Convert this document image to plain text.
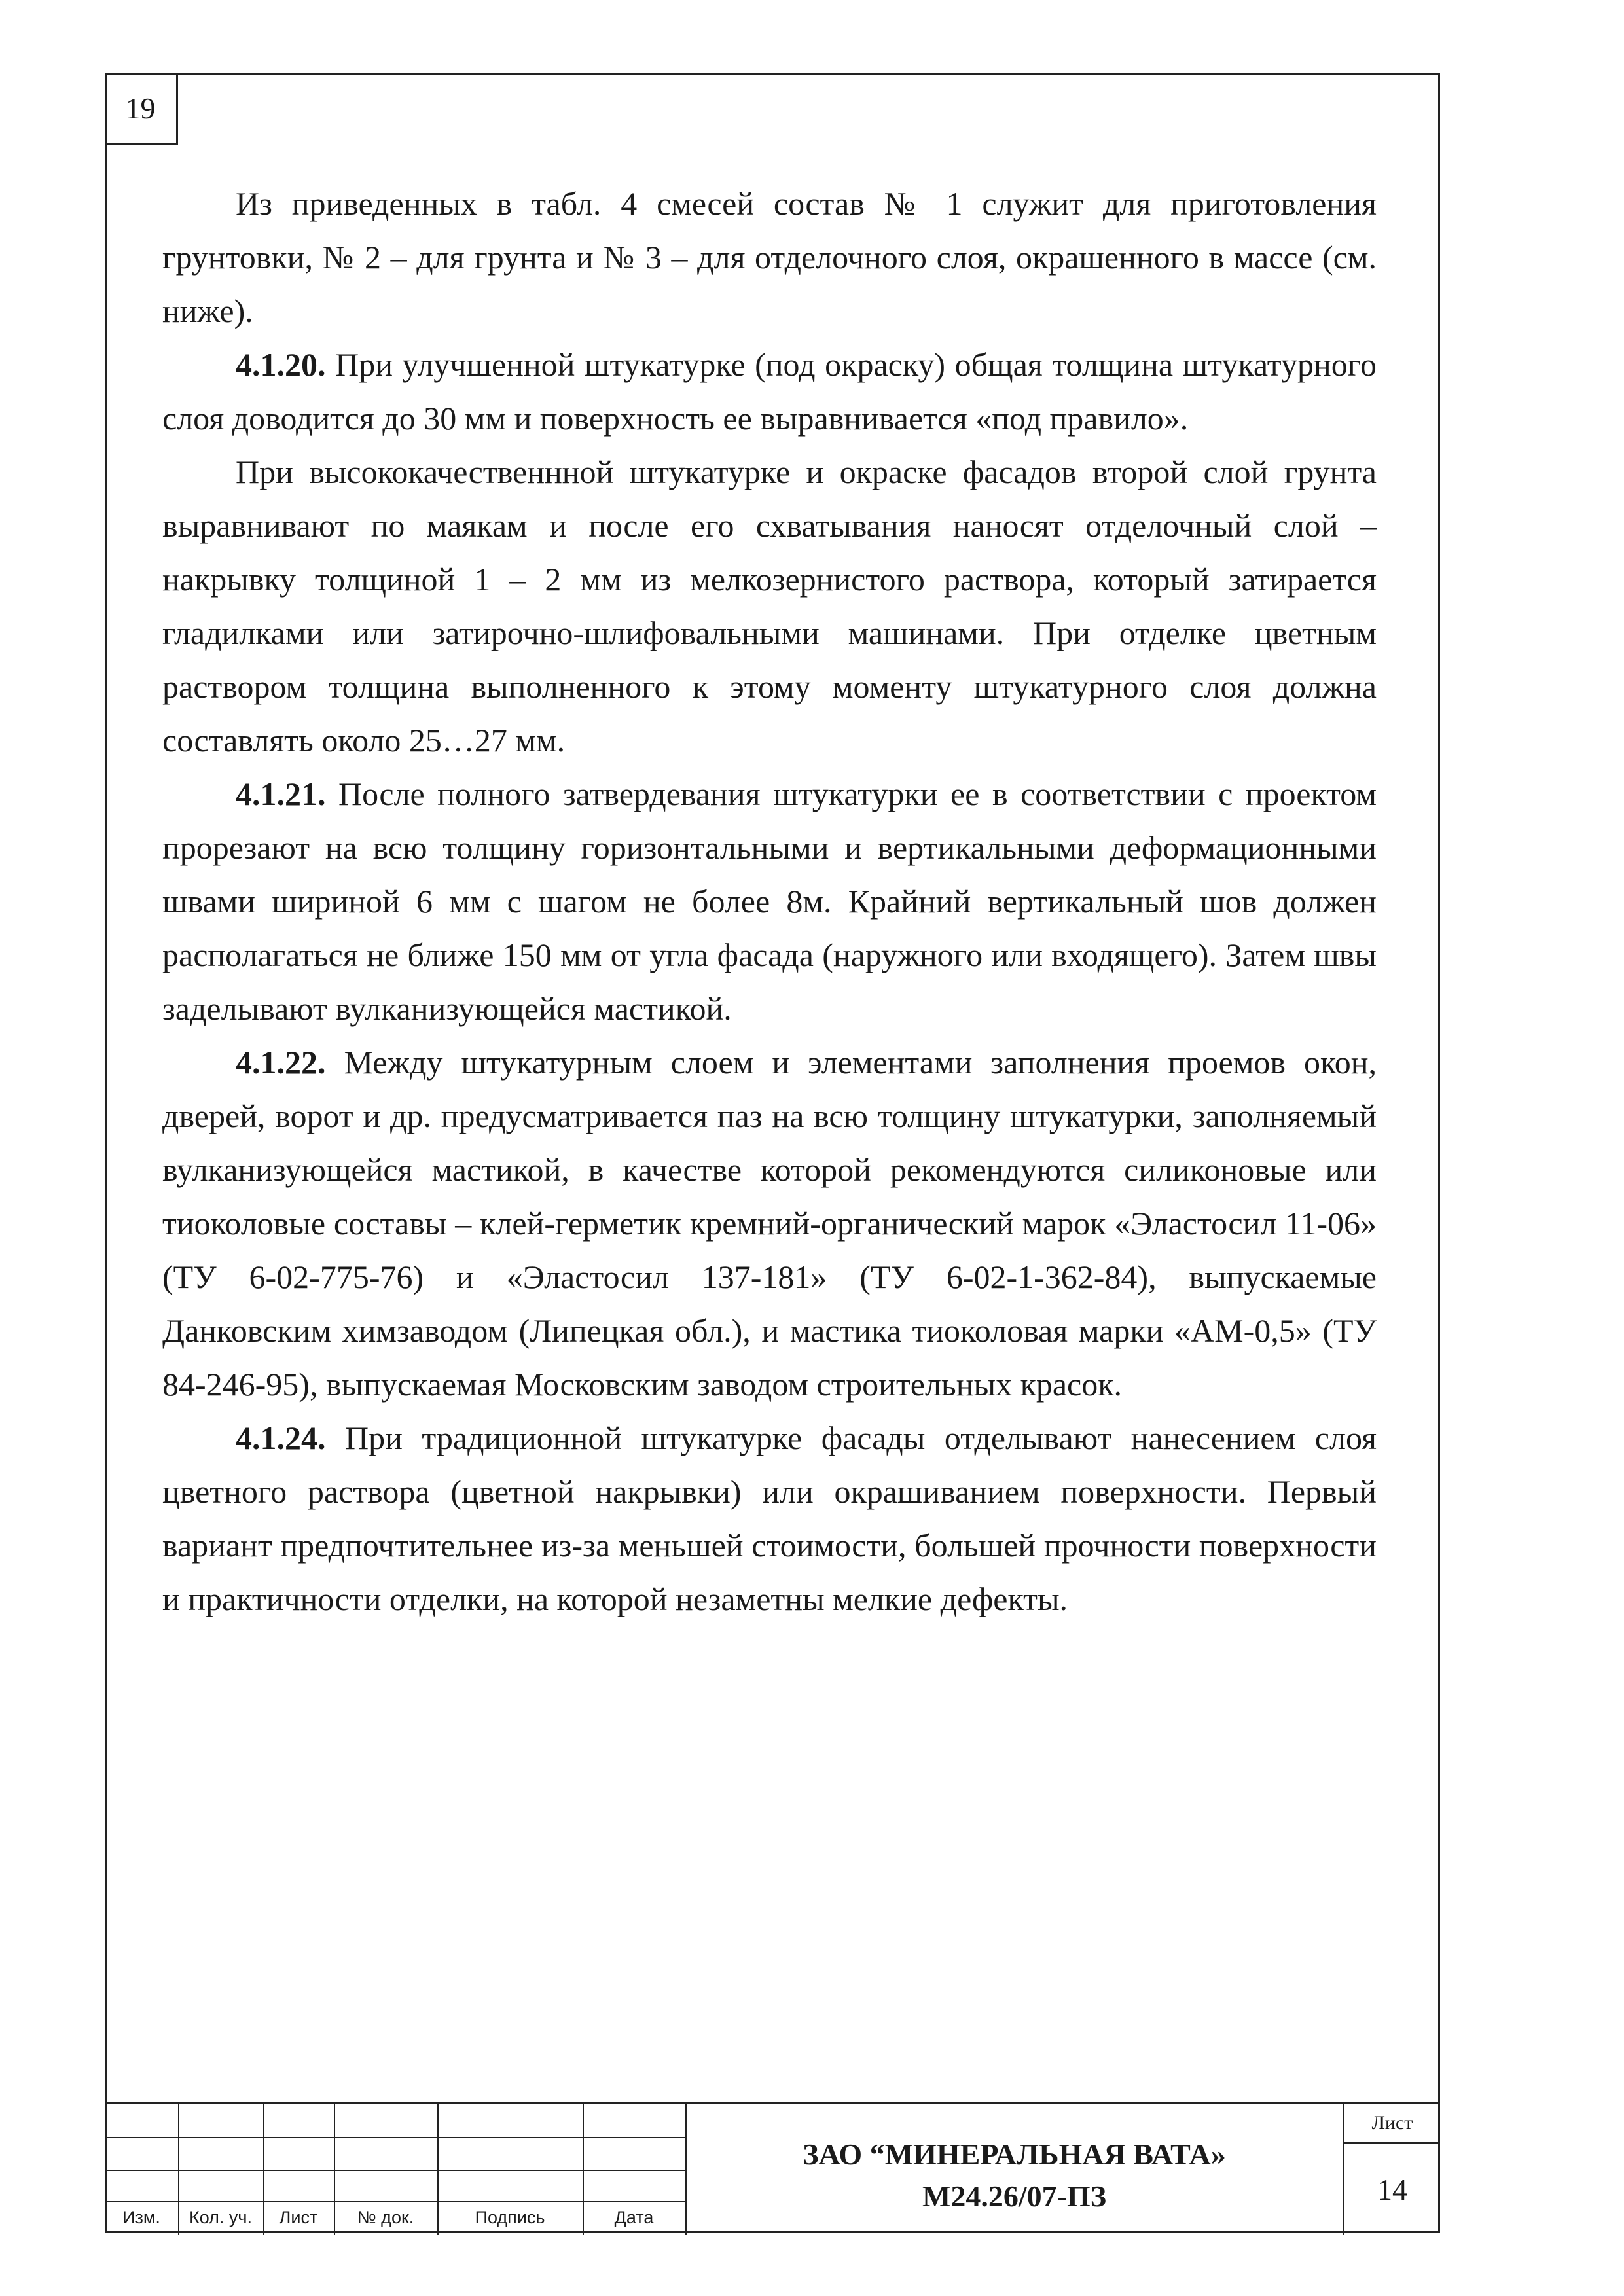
19

Из приведенных в табл. 4 смесей состав № 1 служит для приготовления грунтовки, № 2 – для грунта и № 3 – для отделочного слоя, окрашенного в массе (см. ниже).

4.1.20. При улучшенной штукатурке (под окраску) общая толщина штукатурного слоя доводится до 30 мм и поверхность ее выравнивается «под правило».

При высококачественнной штукатурке и окраске фасадов второй слой грунта выравнивают по маякам и после его схватывания наносят отделочный слой – накрывку толщиной 1 – 2 мм из мелкозернистого раствора, который затирается гладилками или затирочно-шлифовальными машинами. При отделке цветным раствором толщина выполненного к этому моменту штукатурного слоя должна составлять около 25…27 мм.

4.1.21. После полного затвердевания штукатурки ее в соответствии с проектом прорезают на всю толщину горизонтальными и вертикальными деформационными швами шириной 6 мм с шагом не более 8м. Крайний вертикальный шов должен располагаться не ближе 150 мм от угла фасада (наружного или входящего). Затем швы заделывают вулканизующейся мастикой.

4.1.22. Между штукатурным слоем и элементами заполнения проемов окон, дверей, ворот и др. предусматривается паз на всю толщину штукатурки, заполняемый вулканизующейся мастикой, в качестве которой рекомендуются силиконовые или тиоколовые составы – клей-герметик кремний-органический марок «Эластосил 11-06» (ТУ 6-02-775-76) и «Эластосил 137-181» (ТУ 6-02-1-362-84), выпускаемые Данковским химзаводом (Липецкая обл.), и мастика тиоколовая марки «АМ-0,5» (ТУ 84-246-95), выпускаемая Московским заводом строительных красок.

4.1.24. При традиционной штукатурке фасады отделывают нанесением слоя цветного раствора (цветной накрывки) или окрашиванием поверхности. Первый вариант предпочтительнее из-за меньшей стоимости, большей прочности поверхности и практичности отделки, на которой незаметны мелкие дефекты.

Изм.	Кол. уч.	Лист	№ док.	Подпись	Дата
ЗАО “МИНЕРАЛЬНАЯ ВАТА»
М24.26/07-ПЗ
Лист
14
